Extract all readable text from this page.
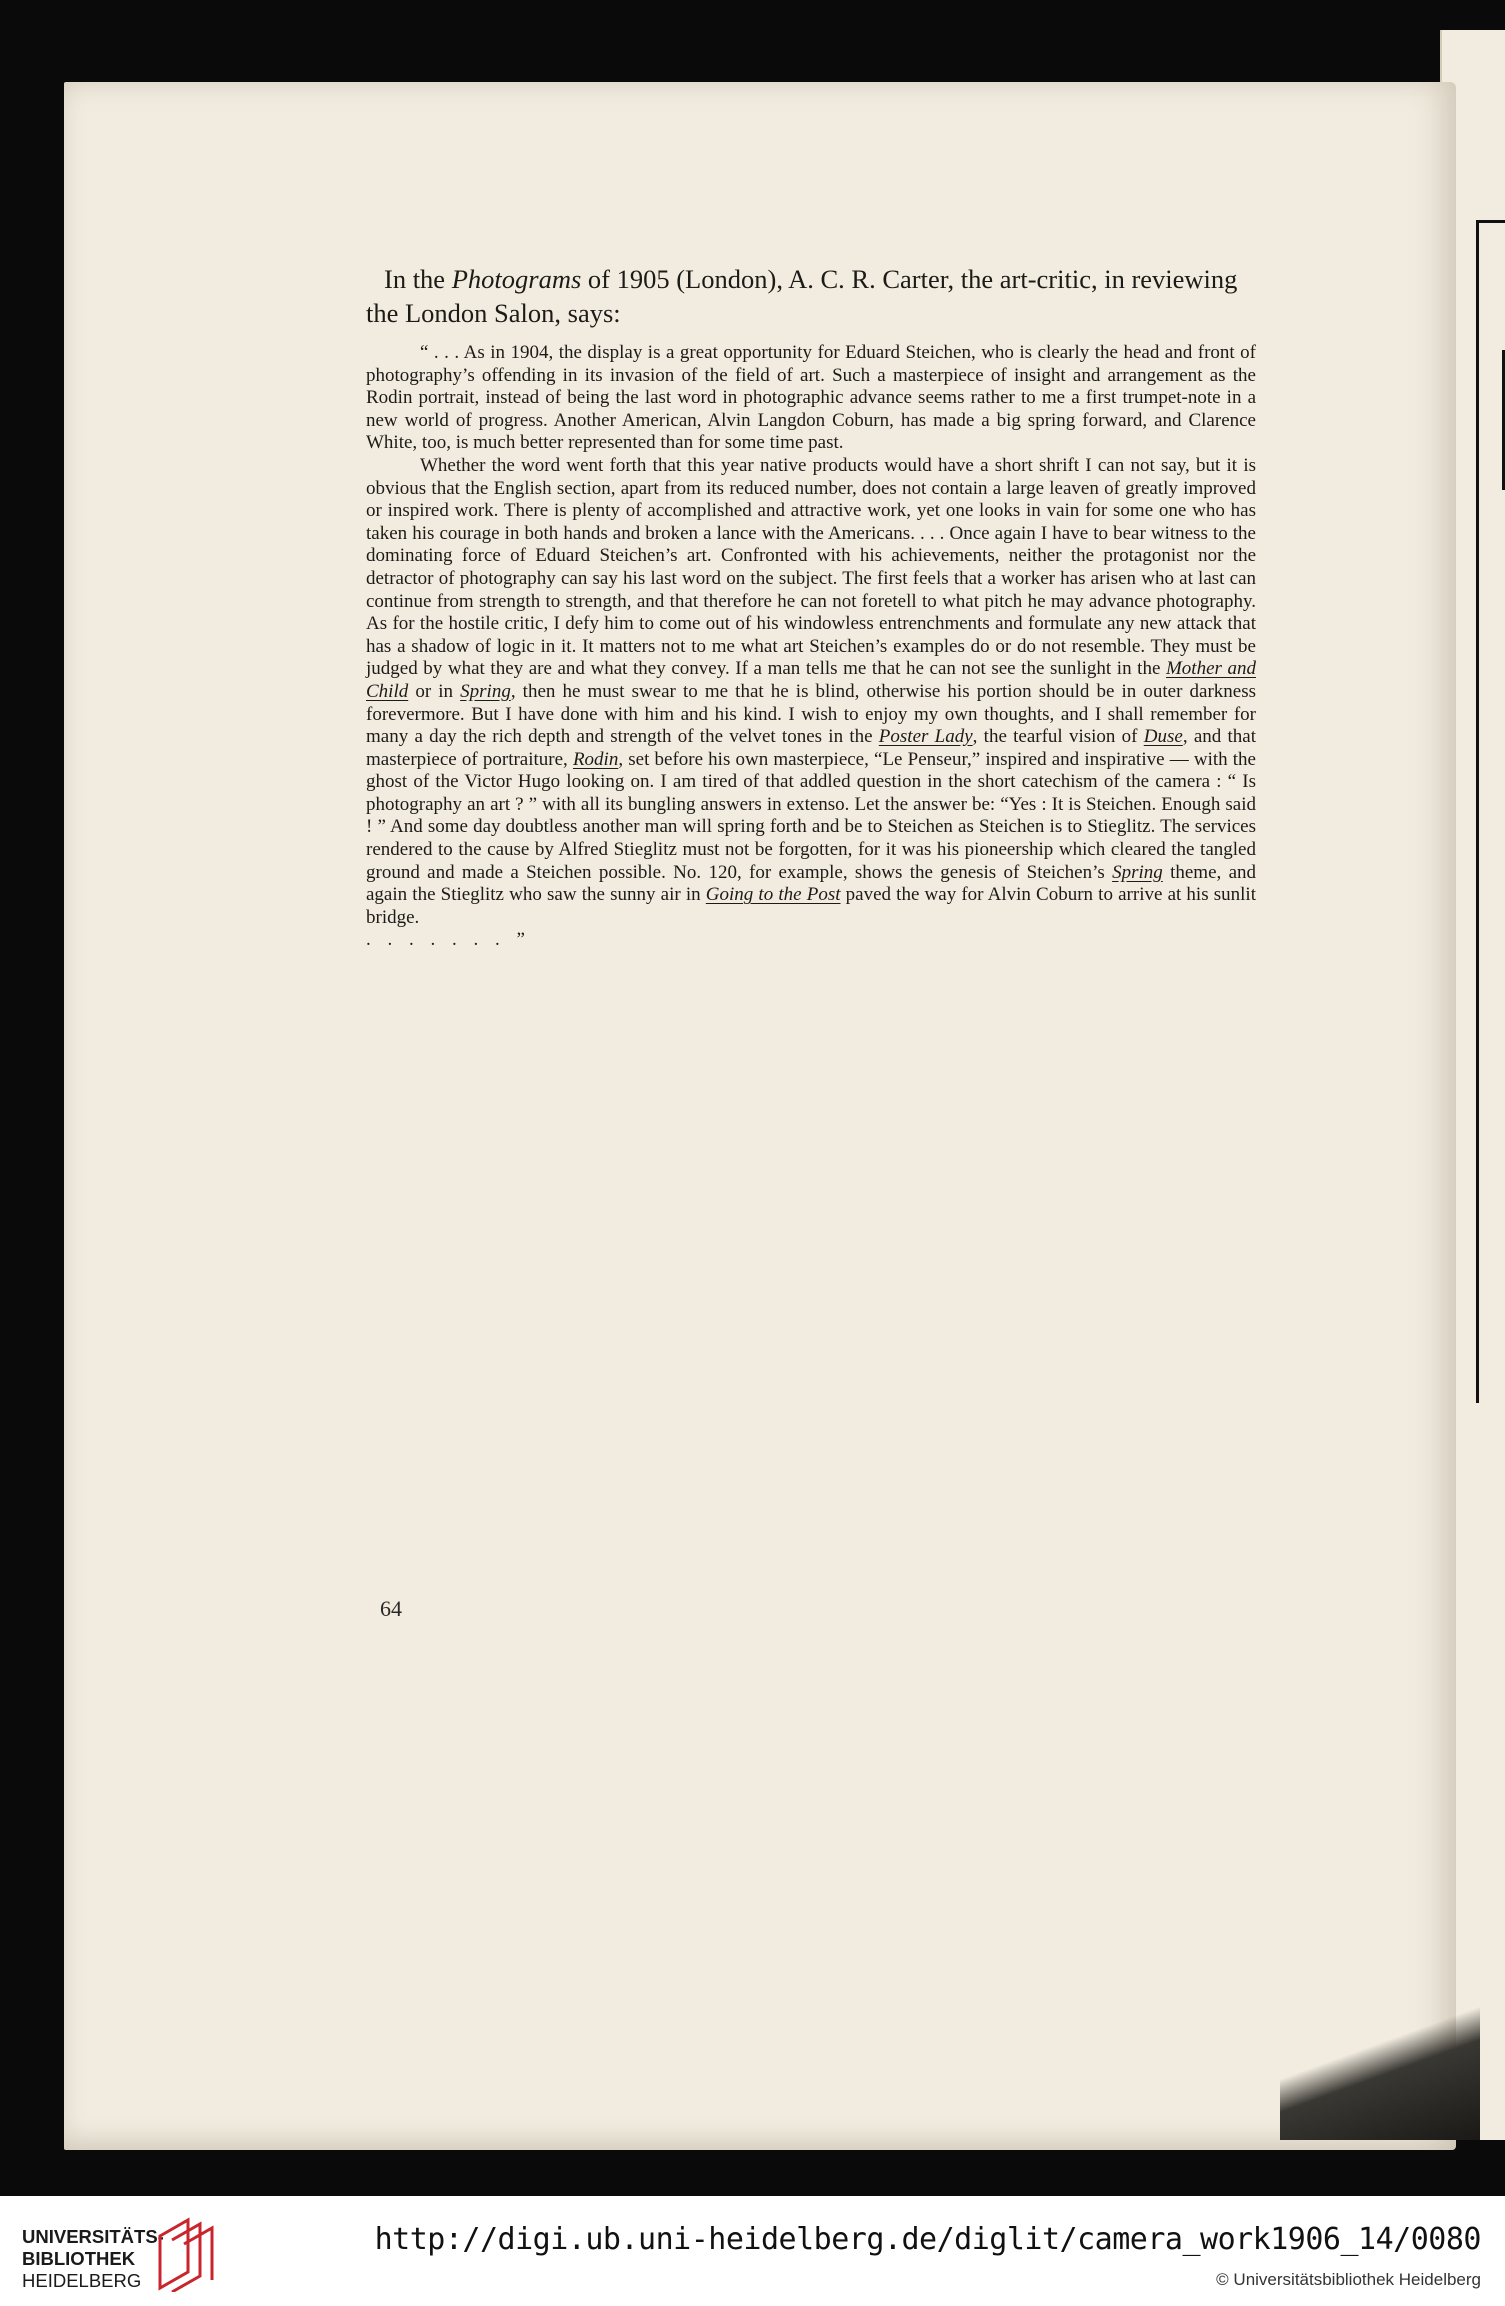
In the Photograms of 1905 (London), A. C. R. Carter, the art-critic, in reviewing the London Salon, says:

“ . . . As in 1904, the display is a great opportunity for Eduard Steichen, who is clearly the head and front of photography’s offending in its invasion of the field of art. Such a masterpiece of insight and arrangement as the Rodin portrait, instead of being the last word in photographic advance seems rather to me a first trumpet-note in a new world of progress. Another American, Alvin Langdon Coburn, has made a big spring forward, and Clarence White, too, is much better represented than for some time past.

Whether the word went forth that this year native products would have a short shrift I can not say, but it is obvious that the English section, apart from its reduced number, does not contain a large leaven of greatly improved or inspired work. There is plenty of accomplished and attractive work, yet one looks in vain for some one who has taken his courage in both hands and broken a lance with the Americans. . . . Once again I have to bear witness to the dominating force of Eduard Steichen’s art. Confronted with his achievements, neither the protagonist nor the detractor of photography can say his last word on the subject. The first feels that a worker has arisen who at last can continue from strength to strength, and that therefore he can not foretell to what pitch he may advance photography. As for the hostile critic, I defy him to come out of his windowless entrenchments and formulate any new attack that has a shadow of logic in it. It matters not to me what art Steichen’s examples do or do not resemble. They must be judged by what they are and what they convey. If a man tells me that he can not see the sunlight in the Mother and Child or in Spring, then he must swear to me that he is blind, otherwise his portion should be in outer darkness forevermore. But I have done with him and his kind. I wish to enjoy my own thoughts, and I shall remember for many a day the rich depth and strength of the velvet tones in the Poster Lady, the tearful vision of Duse, and that masterpiece of portraiture, Rodin, set before his own masterpiece, “Le Penseur,” inspired and inspirative — with the ghost of the Victor Hugo looking on. I am tired of that addled question in the short catechism of the camera : “ Is photography an art ? ” with all its bungling answers in extenso. Let the answer be: “Yes : It is Steichen. Enough said ! ” And some day doubtless another man will spring forth and be to Steichen as Steichen is to Stieglitz. The services rendered to the cause by Alfred Stieglitz must not be forgotten, for it was his pioneership which cleared the tangled ground and made a Steichen possible. No. 120, for example, shows the genesis of Steichen’s Spring theme, and again the Stieglitz who saw the sunny air in Going to the Post paved the way for Alvin Coburn to arrive at his sunlit bridge.

. . . . . . . ”

64
UNIVERSITÄTS-
BIBLIOTHEK
HEIDELBERG
http://digi.ub.uni-heidelberg.de/diglit/camera_work1906_14/0080
© Universitätsbibliothek Heidelberg
